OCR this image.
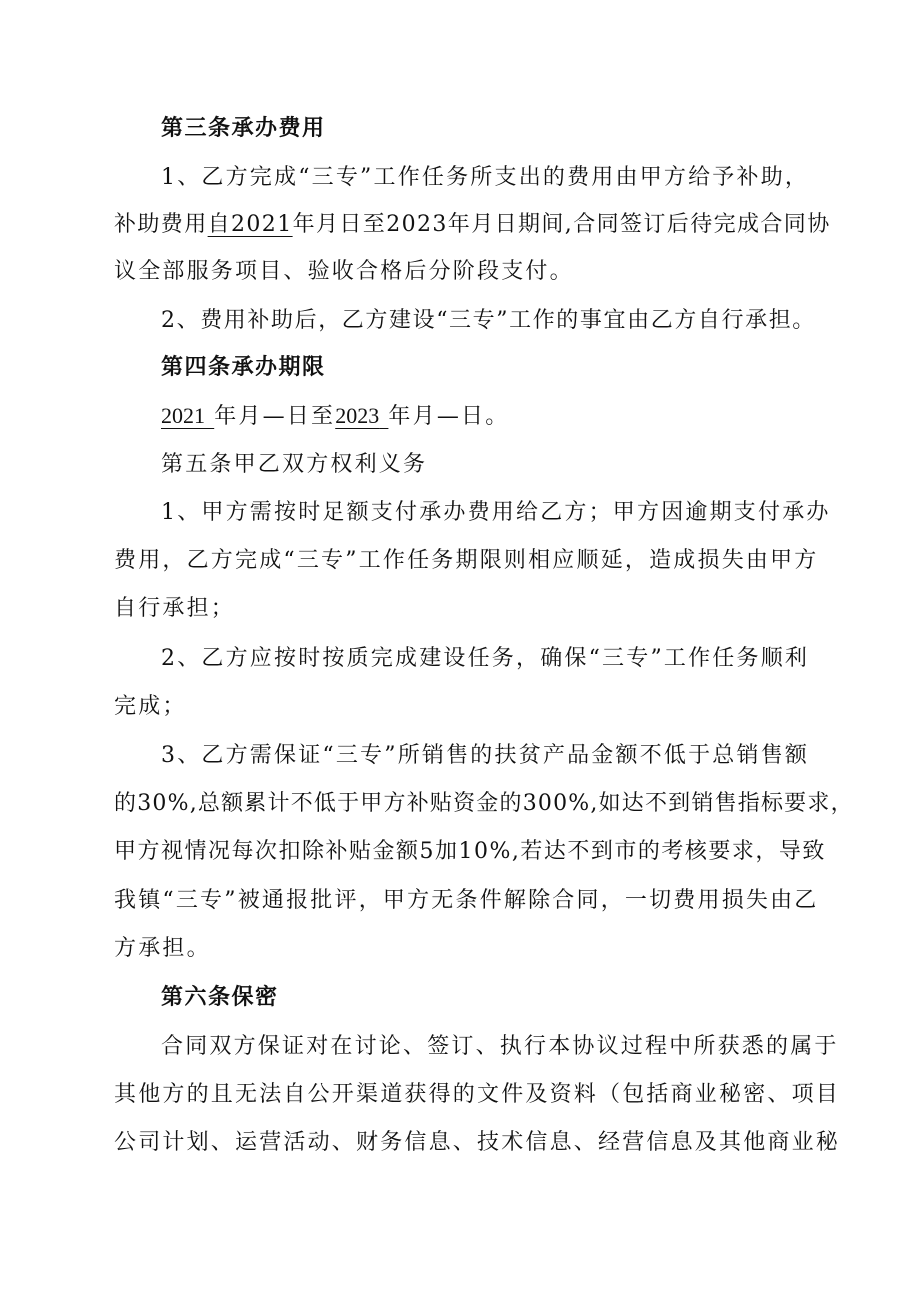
第三条承办费用
1、乙方完成“三专”工作任务所支出的费用由甲方给予补助，
补助费用自2021年月日至2023年月日期间,合同签订后待完成合同协
议全部服务项目、验收合格后分阶段支付。
2、费用补助后，乙方建设“三专”工作的事宜由乙方自行承担。
第四条承办期限
2021 年月—日至2023 年月—日。
第五条甲乙双方权利义务
1、甲方需按时足额支付承办费用给乙方；甲方因逾期支付承办
费用，乙方完成“三专”工作任务期限则相应顺延，造成损失由甲方
自行承担；
2、乙方应按时按质完成建设任务，确保“三专”工作任务顺利
完成；
3、乙方需保证“三专”所销售的扶贫产品金额不低于总销售额
的30%,总额累计不低于甲方补贴资金的300%,如达不到销售指标要求，
甲方视情况每次扣除补贴金额5加10%,若达不到市的考核要求，导致
我镇“三专”被通报批评，甲方无条件解除合同，一切费用损失由乙
方承担。
第六条保密
合同双方保证对在讨论、签订、执行本协议过程中所获悉的属于
其他方的且无法自公开渠道获得的文件及资料（包括商业秘密、项目
公司计划、运营活动、财务信息、技术信息、经营信息及其他商业秘
